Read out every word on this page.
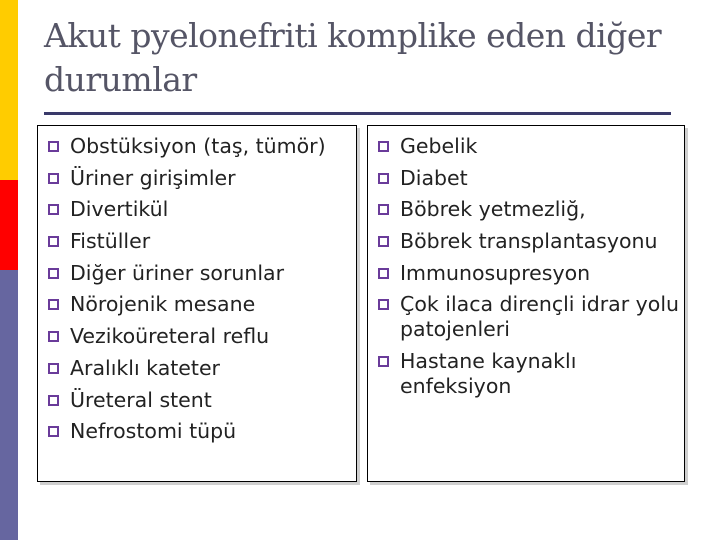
Akut pyelonefriti komplike eden diğer durumlar
Obstüksiyon (taş, tümör)
Üriner girişimler
Divertikül
Fistüller
Diğer üriner sorunlar
Nörojenik mesane
Vezikoüreteral reflu
Aralıklı kateter
Üreteral stent
Nefrostomi tüpü
Gebelik
Diabet
Böbrek yetmezliğ,
Böbrek transplantasyonu
Immunosupresyon
Çok ilaca dirençli idrar yolu patojenleri
Hastane kaynaklı enfeksiyon
